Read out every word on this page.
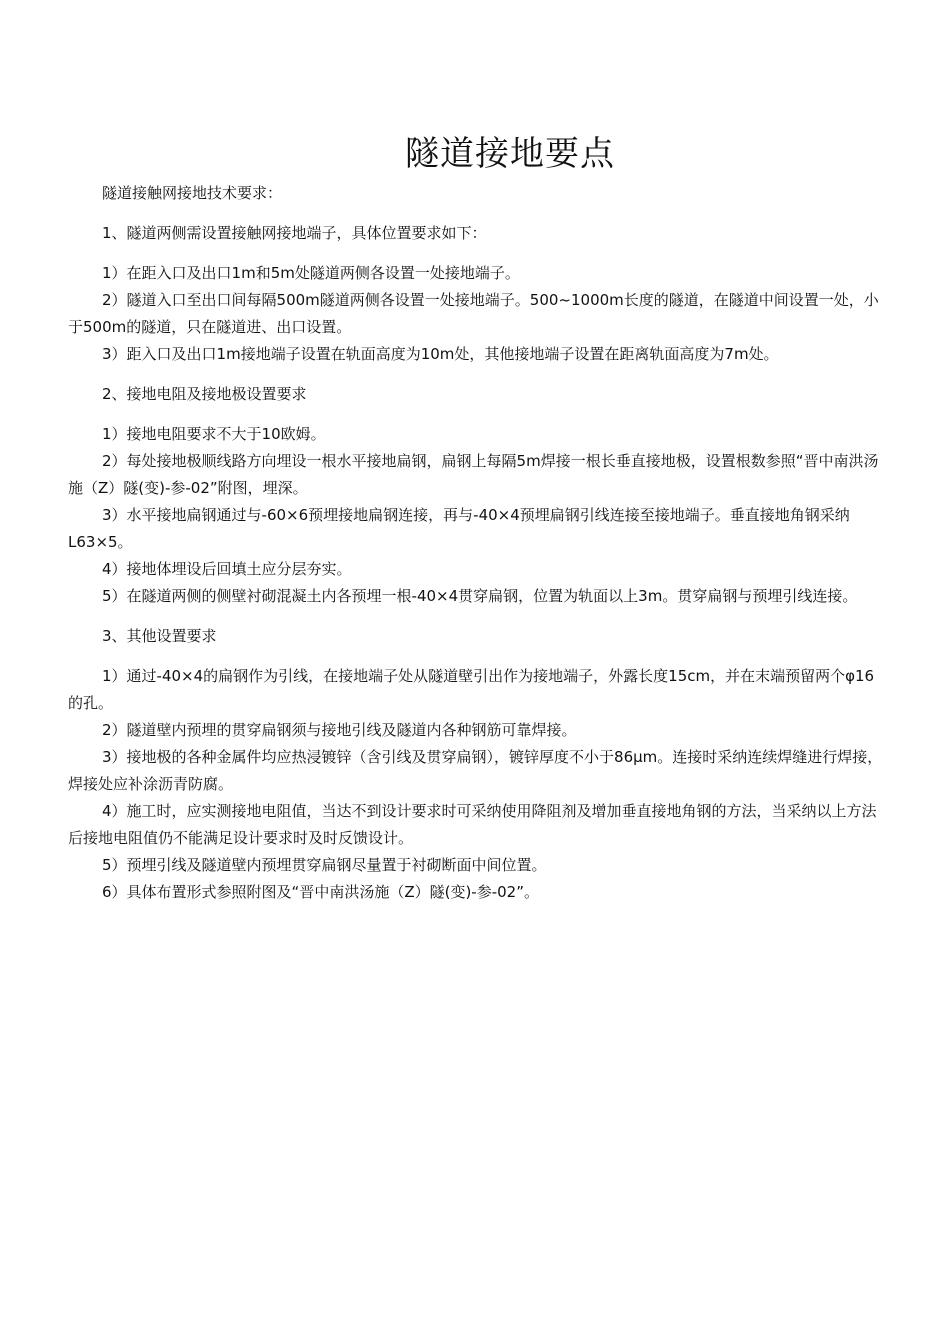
隧道接地要点

隧道接触网接地技术要求：

1、隧道两侧需设置接触网接地端子，具体位置要求如下：

1）在距入口及出口1m和5m处隧道两侧各设置一处接地端子。

2）隧道入口至出口间每隔500m隧道两侧各设置一处接地端子。500~1000m长度的隧道，在隧道中间设置一处，小于500m的隧道，只在隧道进、出口设置。

3）距入口及出口1m接地端子设置在轨面高度为10m处，其他接地端子设置在距离轨面高度为7m处。

2、接地电阻及接地极设置要求

1）接地电阻要求不大于10欧姆。

2）每处接地极顺线路方向埋设一根水平接地扁钢，扁钢上每隔5m焊接一根长垂直接地极，设置根数参照“晋中南洪汤施（Z）隧(变)-参-02”附图，埋深。

3）水平接地扁钢通过与-60×6预埋接地扁钢连接，再与-40×4预埋扁钢引线连接至接地端子。垂直接地角钢采纳L63×5。

4）接地体埋设后回填土应分层夯实。

5）在隧道两侧的侧壁衬砌混凝土内各预埋一根-40×4贯穿扁钢，位置为轨面以上3m。贯穿扁钢与预埋引线连接。

3、其他设置要求

1）通过-40×4的扁钢作为引线，在接地端子处从隧道壁引出作为接地端子，外露长度15cm，并在末端预留两个φ16的孔。

2）隧道壁内预埋的贯穿扁钢须与接地引线及隧道内各种钢筋可靠焊接。

3）接地极的各种金属件均应热浸镀锌（含引线及贯穿扁钢），镀锌厚度不小于86μm。连接时采纳连续焊缝进行焊接，焊接处应补涂沥青防腐。

4）施工时，应实测接地电阻值，当达不到设计要求时可采纳使用降阻剂及增加垂直接地角钢的方法，当采纳以上方法后接地电阻值仍不能满足设计要求时及时反馈设计。

5）预埋引线及隧道壁内预埋贯穿扁钢尽量置于衬砌断面中间位置。

6）具体布置形式参照附图及“晋中南洪汤施（Z）隧(变)-参-02”。
